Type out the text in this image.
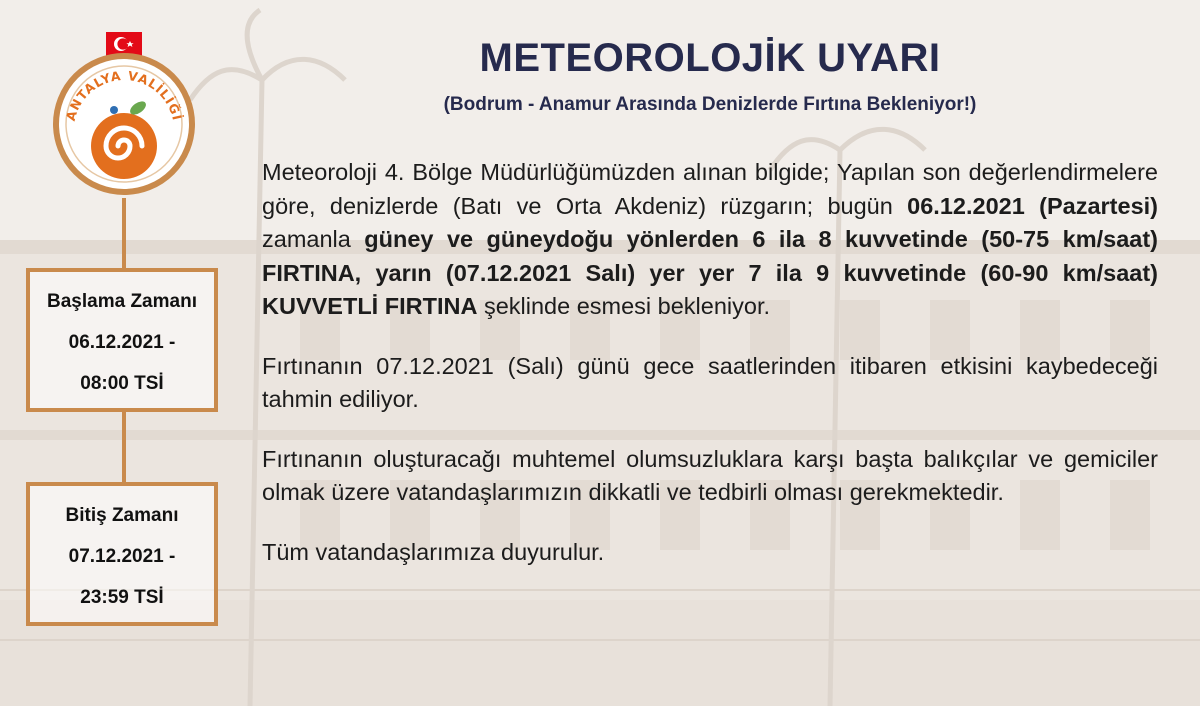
ANTALYA VALİLİĞİ
Başlama Zamanı
06.12.2021 -
08:00 TSİ
Bitiş Zamanı
07.12.2021 -
23:59 TSİ
METEOROLOJİK UYARI

(Bodrum - Anamur Arasında Denizlerde Fırtına Bekleniyor!)

Meteoroloji 4. Bölge Müdürlüğümüzden alınan bilgide; Yapılan son değerlendirmelere göre, denizlerde (Batı ve Orta Akdeniz) rüzgarın; bugün 06.12.2021 (Pazartesi) zamanla güney ve güneydoğu yönlerden 6 ila 8 kuvvetinde (50-75 km/saat) FIRTINA, yarın (07.12.2021 Salı) yer yer 7 ila 9 kuvvetinde (60-90 km/saat) KUVVETLİ FIRTINA şeklinde esmesi bekleniyor.

Fırtınanın 07.12.2021 (Salı) günü gece saatlerinden itibaren etkisini kaybedeceği tahmin ediliyor.

Fırtınanın oluşturacağı muhtemel olumsuzluklara karşı başta balıkçılar ve gemiciler olmak üzere vatandaşlarımızın dikkatli ve tedbirli olması gerekmektedir.

Tüm vatandaşlarımıza duyurulur.
